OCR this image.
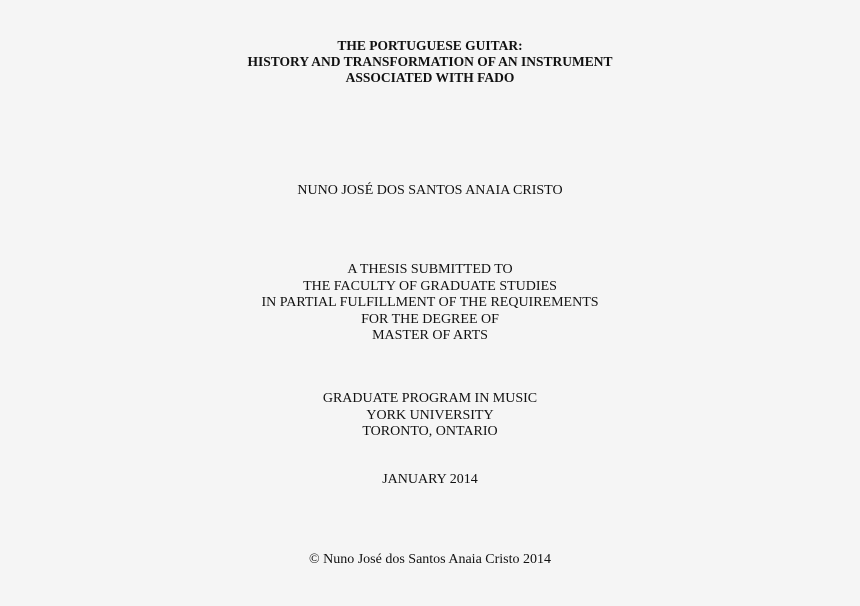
THE PORTUGUESE GUITAR:
HISTORY AND TRANSFORMATION OF AN INSTRUMENT
ASSOCIATED WITH FADO
NUNO JOSÉ DOS SANTOS ANAIA CRISTO
A THESIS SUBMITTED TO
THE FACULTY OF GRADUATE STUDIES
IN PARTIAL FULFILLMENT OF THE REQUIREMENTS
FOR THE DEGREE OF
MASTER OF ARTS
GRADUATE PROGRAM IN MUSIC
YORK UNIVERSITY
TORONTO, ONTARIO
JANUARY 2014
© Nuno José dos Santos Anaia Cristo 2014
